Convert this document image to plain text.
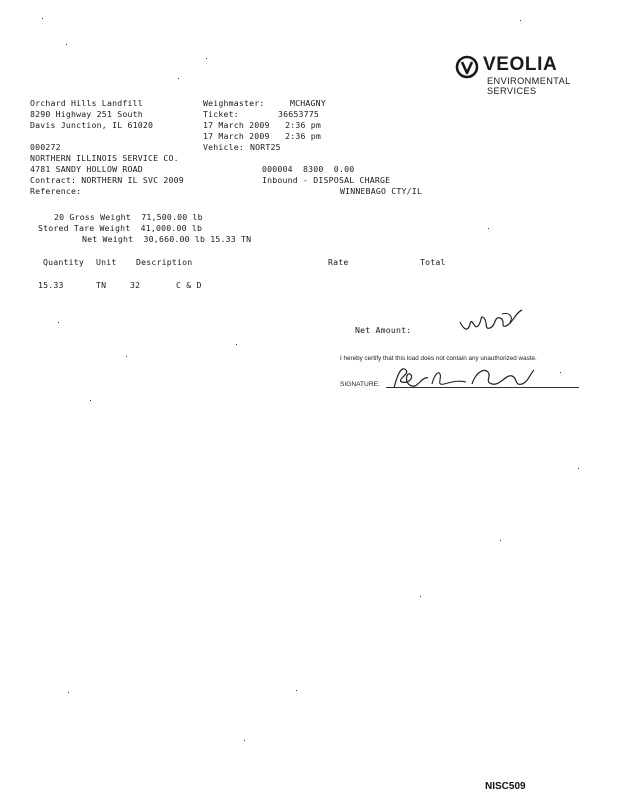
VEOLIA
ENVIRONMENTAL
SERVICES
Orchard Hills Landfill
8290 Highway 251 South
Davis Junction, IL 61020
Weighmaster:	MCHAGNY
Ticket:	36653775
17 March 2009   2:36 pm
17 March 2009   2:36 pm
Vehicle: NORT25
000272
NORTHERN ILLINOIS SERVICE CO.
4781 SANDY HOLLOW ROAD	000004  8300  0.00
Contract: NORTHERN IL SVC 2009	Inbound - DISPOSAL CHARGE
Reference:	WINNEBAGO CTY/IL
20 Gross Weight  71,500.00 lb
Stored Tare Weight  41,000.00 lb
Net Weight  30,660.00 lb 15.33 TN
Quantity Unit Description	Rate	Total
15.33	TN	32	C & D
Net Amount:
I hereby certify that this load does not contain any unauthorized waste.
SIGNATURE:
NISC509
